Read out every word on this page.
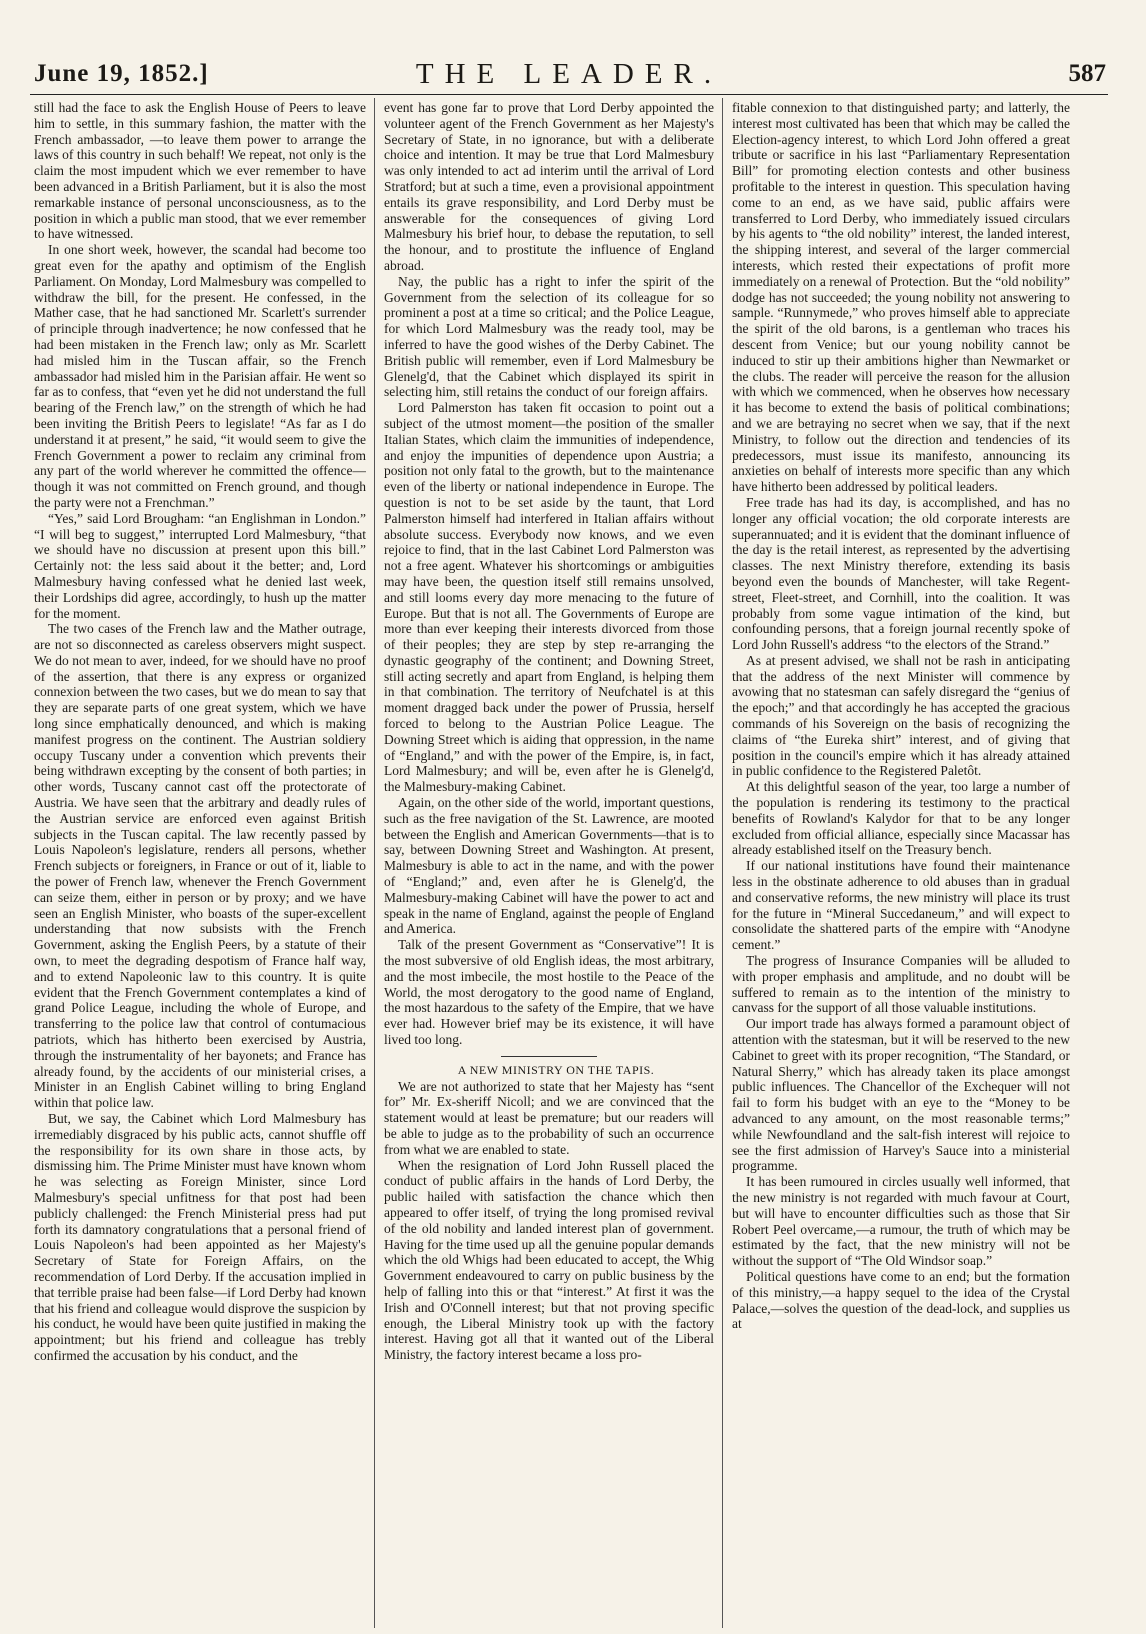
June 19, 1852.]	THE LEADER.	587

still had the face to ask the English House of Peers to leave him to settle, in this summary fashion, the matter with the French ambassador, —to leave them power to arrange the laws of this country in such behalf! We repeat, not only is the claim the most impudent which we ever remember to have been advanced in a British Parliament, but it is also the most remarkable instance of personal unconsciousness, as to the position in which a public man stood, that we ever remember to have witnessed.

In one short week, however, the scandal had become too great even for the apathy and optimism of the English Parliament. On Monday, Lord Malmesbury was compelled to withdraw the bill, for the present. He confessed, in the Mather case, that he had sanctioned Mr. Scarlett's surrender of principle through inadvertence; he now confessed that he had been mistaken in the French law; only as Mr. Scarlett had misled him in the Tuscan affair, so the French ambassador had misled him in the Parisian affair. He went so far as to confess, that “even yet he did not understand the full bearing of the French law,” on the strength of which he had been inviting the British Peers to legislate! “As far as I do understand it at present,” he said, “it would seem to give the French Government a power to reclaim any criminal from any part of the world wherever he committed the offence—though it was not committed on French ground, and though the party were not a Frenchman.”

“Yes,” said Lord Brougham: “an Englishman in London.” “I will beg to suggest,” interrupted Lord Malmesbury, “that we should have no discussion at present upon this bill.” Certainly not: the less said about it the better; and, Lord Malmesbury having confessed what he denied last week, their Lordships did agree, accordingly, to hush up the matter for the moment.

The two cases of the French law and the Mather outrage, are not so disconnected as careless observers might suspect. We do not mean to aver, indeed, for we should have no proof of the assertion, that there is any express or organized connexion between the two cases, but we do mean to say that they are separate parts of one great system, which we have long since emphatically denounced, and which is making manifest progress on the continent. The Austrian soldiery occupy Tuscany under a convention which prevents their being withdrawn excepting by the consent of both parties; in other words, Tuscany cannot cast off the protectorate of Austria. We have seen that the arbitrary and deadly rules of the Austrian service are enforced even against British subjects in the Tuscan capital. The law recently passed by Louis Napoleon's legislature, renders all persons, whether French subjects or foreigners, in France or out of it, liable to the power of French law, whenever the French Government can seize them, either in person or by proxy; and we have seen an English Minister, who boasts of the super-excellent understanding that now subsists with the French Government, asking the English Peers, by a statute of their own, to meet the degrading despotism of France half way, and to extend Napoleonic law to this country. It is quite evident that the French Government contemplates a kind of grand Police League, including the whole of Europe, and transferring to the police law that control of contumacious patriots, which has hitherto been exercised by Austria, through the instrumentality of her bayonets; and France has already found, by the accidents of our ministerial crises, a Minister in an English Cabinet willing to bring England within that police law.

But, we say, the Cabinet which Lord Malmesbury has irremediably disgraced by his public acts, cannot shuffle off the responsibility for its own share in those acts, by dismissing him. The Prime Minister must have known whom he was selecting as Foreign Minister, since Lord Malmesbury's special unfitness for that post had been publicly challenged: the French Ministerial press had put forth its damnatory congratulations that a personal friend of Louis Napoleon's had been appointed as her Majesty's Secretary of State for Foreign Affairs, on the recommendation of Lord Derby. If the accusation implied in that terrible praise had been false—if Lord Derby had known that his friend and colleague would disprove the suspicion by his conduct, he would have been quite justified in making the appointment; but his friend and colleague has trebly confirmed the accusation by his conduct, and the

event has gone far to prove that Lord Derby appointed the volunteer agent of the French Government as her Majesty's Secretary of State, in no ignorance, but with a deliberate choice and intention. It may be true that Lord Malmesbury was only intended to act ad interim until the arrival of Lord Stratford; but at such a time, even a provisional appointment entails its grave responsibility, and Lord Derby must be answerable for the consequences of giving Lord Malmesbury his brief hour, to debase the reputation, to sell the honour, and to prostitute the influence of England abroad.

Nay, the public has a right to infer the spirit of the Government from the selection of its colleague for so prominent a post at a time so critical; and the Police League, for which Lord Malmesbury was the ready tool, may be inferred to have the good wishes of the Derby Cabinet. The British public will remember, even if Lord Malmesbury be Glenelg'd, that the Cabinet which displayed its spirit in selecting him, still retains the conduct of our foreign affairs.

Lord Palmerston has taken fit occasion to point out a subject of the utmost moment—the position of the smaller Italian States, which claim the immunities of independence, and enjoy the impunities of dependence upon Austria; a position not only fatal to the growth, but to the maintenance even of the liberty or national independence in Europe. The question is not to be set aside by the taunt, that Lord Palmerston himself had interfered in Italian affairs without absolute success. Everybody now knows, and we even rejoice to find, that in the last Cabinet Lord Palmerston was not a free agent. Whatever his shortcomings or ambiguities may have been, the question itself still remains unsolved, and still looms every day more menacing to the future of Europe. But that is not all. The Governments of Europe are more than ever keeping their interests divorced from those of their peoples; they are step by step re-arranging the dynastic geography of the continent; and Downing Street, still acting secretly and apart from England, is helping them in that combination. The territory of Neufchatel is at this moment dragged back under the power of Prussia, herself forced to belong to the Austrian Police League. The Downing Street which is aiding that oppression, in the name of “England,” and with the power of the Empire, is, in fact, Lord Malmesbury; and will be, even after he is Glenelg'd, the Malmesbury-making Cabinet.

Again, on the other side of the world, important questions, such as the free navigation of the St. Lawrence, are mooted between the English and American Governments—that is to say, between Downing Street and Washington. At present, Malmesbury is able to act in the name, and with the power of “England;” and, even after he is Glenelg'd, the Malmesbury-making Cabinet will have the power to act and speak in the name of England, against the people of England and America.

Talk of the present Government as “Conservative”! It is the most subversive of old English ideas, the most arbitrary, and the most imbecile, the most hostile to the Peace of the World, the most derogatory to the good name of England, the most hazardous to the safety of the Empire, that we have ever had. However brief may be its existence, it will have lived too long.

A NEW MINISTRY ON THE TAPIS.

We are not authorized to state that her Majesty has “sent for” Mr. Ex-sheriff Nicoll; and we are convinced that the statement would at least be premature; but our readers will be able to judge as to the probability of such an occurrence from what we are enabled to state.

When the resignation of Lord John Russell placed the conduct of public affairs in the hands of Lord Derby, the public hailed with satisfaction the chance which then appeared to offer itself, of trying the long promised revival of the old nobility and landed interest plan of government. Having for the time used up all the genuine popular demands which the old Whigs had been educated to accept, the Whig Government endeavoured to carry on public business by the help of falling into this or that “interest.” At first it was the Irish and O'Connell interest; but that not proving specific enough, the Liberal Ministry took up with the factory interest. Having got all that it wanted out of the Liberal Ministry, the factory interest became a loss pro-

fitable connexion to that distinguished party; and latterly, the interest most cultivated has been that which may be called the Election-agency interest, to which Lord John offered a great tribute or sacrifice in his last “Parliamentary Representation Bill” for promoting election contests and other business profitable to the interest in question. This speculation having come to an end, as we have said, public affairs were transferred to Lord Derby, who immediately issued circulars by his agents to “the old nobility” interest, the landed interest, the shipping interest, and several of the larger commercial interests, which rested their expectations of profit more immediately on a renewal of Protection. But the “old nobility” dodge has not succeeded; the young nobility not answering to sample. “Runnymede,” who proves himself able to appreciate the spirit of the old barons, is a gentleman who traces his descent from Venice; but our young nobility cannot be induced to stir up their ambitions higher than Newmarket or the clubs. The reader will perceive the reason for the allusion with which we commenced, when he observes how necessary it has become to extend the basis of political combinations; and we are betraying no secret when we say, that if the next Ministry, to follow out the direction and tendencies of its predecessors, must issue its manifesto, announcing its anxieties on behalf of interests more specific than any which have hitherto been addressed by political leaders.

Free trade has had its day, is accomplished, and has no longer any official vocation; the old corporate interests are superannuated; and it is evident that the dominant influence of the day is the retail interest, as represented by the advertising classes. The next Ministry therefore, extending its basis beyond even the bounds of Manchester, will take Regent-street, Fleet-street, and Cornhill, into the coalition. It was probably from some vague intimation of the kind, but confounding persons, that a foreign journal recently spoke of Lord John Russell's address “to the electors of the Strand.”

As at present advised, we shall not be rash in anticipating that the address of the next Minister will commence by avowing that no statesman can safely disregard the “genius of the epoch;” and that accordingly he has accepted the gracious commands of his Sovereign on the basis of recognizing the claims of “the Eureka shirt” interest, and of giving that position in the council's empire which it has already attained in public confidence to the Registered Paletôt.

At this delightful season of the year, too large a number of the population is rendering its testimony to the practical benefits of Rowland's Kalydor for that to be any longer excluded from official alliance, especially since Macassar has already established itself on the Treasury bench.

If our national institutions have found their maintenance less in the obstinate adherence to old abuses than in gradual and conservative reforms, the new ministry will place its trust for the future in “Mineral Succedaneum,” and will expect to consolidate the shattered parts of the empire with “Anodyne cement.”

The progress of Insurance Companies will be alluded to with proper emphasis and amplitude, and no doubt will be suffered to remain as to the intention of the ministry to canvass for the support of all those valuable institutions.

Our import trade has always formed a paramount object of attention with the statesman, but it will be reserved to the new Cabinet to greet with its proper recognition, “The Standard, or Natural Sherry,” which has already taken its place amongst public influences. The Chancellor of the Exchequer will not fail to form his budget with an eye to the “Money to be advanced to any amount, on the most reasonable terms;” while Newfoundland and the salt-fish interest will rejoice to see the first admission of Harvey's Sauce into a ministerial programme.

It has been rumoured in circles usually well informed, that the new ministry is not regarded with much favour at Court, but will have to encounter difficulties such as those that Sir Robert Peel overcame,—a rumour, the truth of which may be estimated by the fact, that the new ministry will not be without the support of “The Old Windsor soap.”

Political questions have come to an end; but the formation of this ministry,—a happy sequel to the idea of the Crystal Palace,—solves the question of the dead-lock, and supplies us at
